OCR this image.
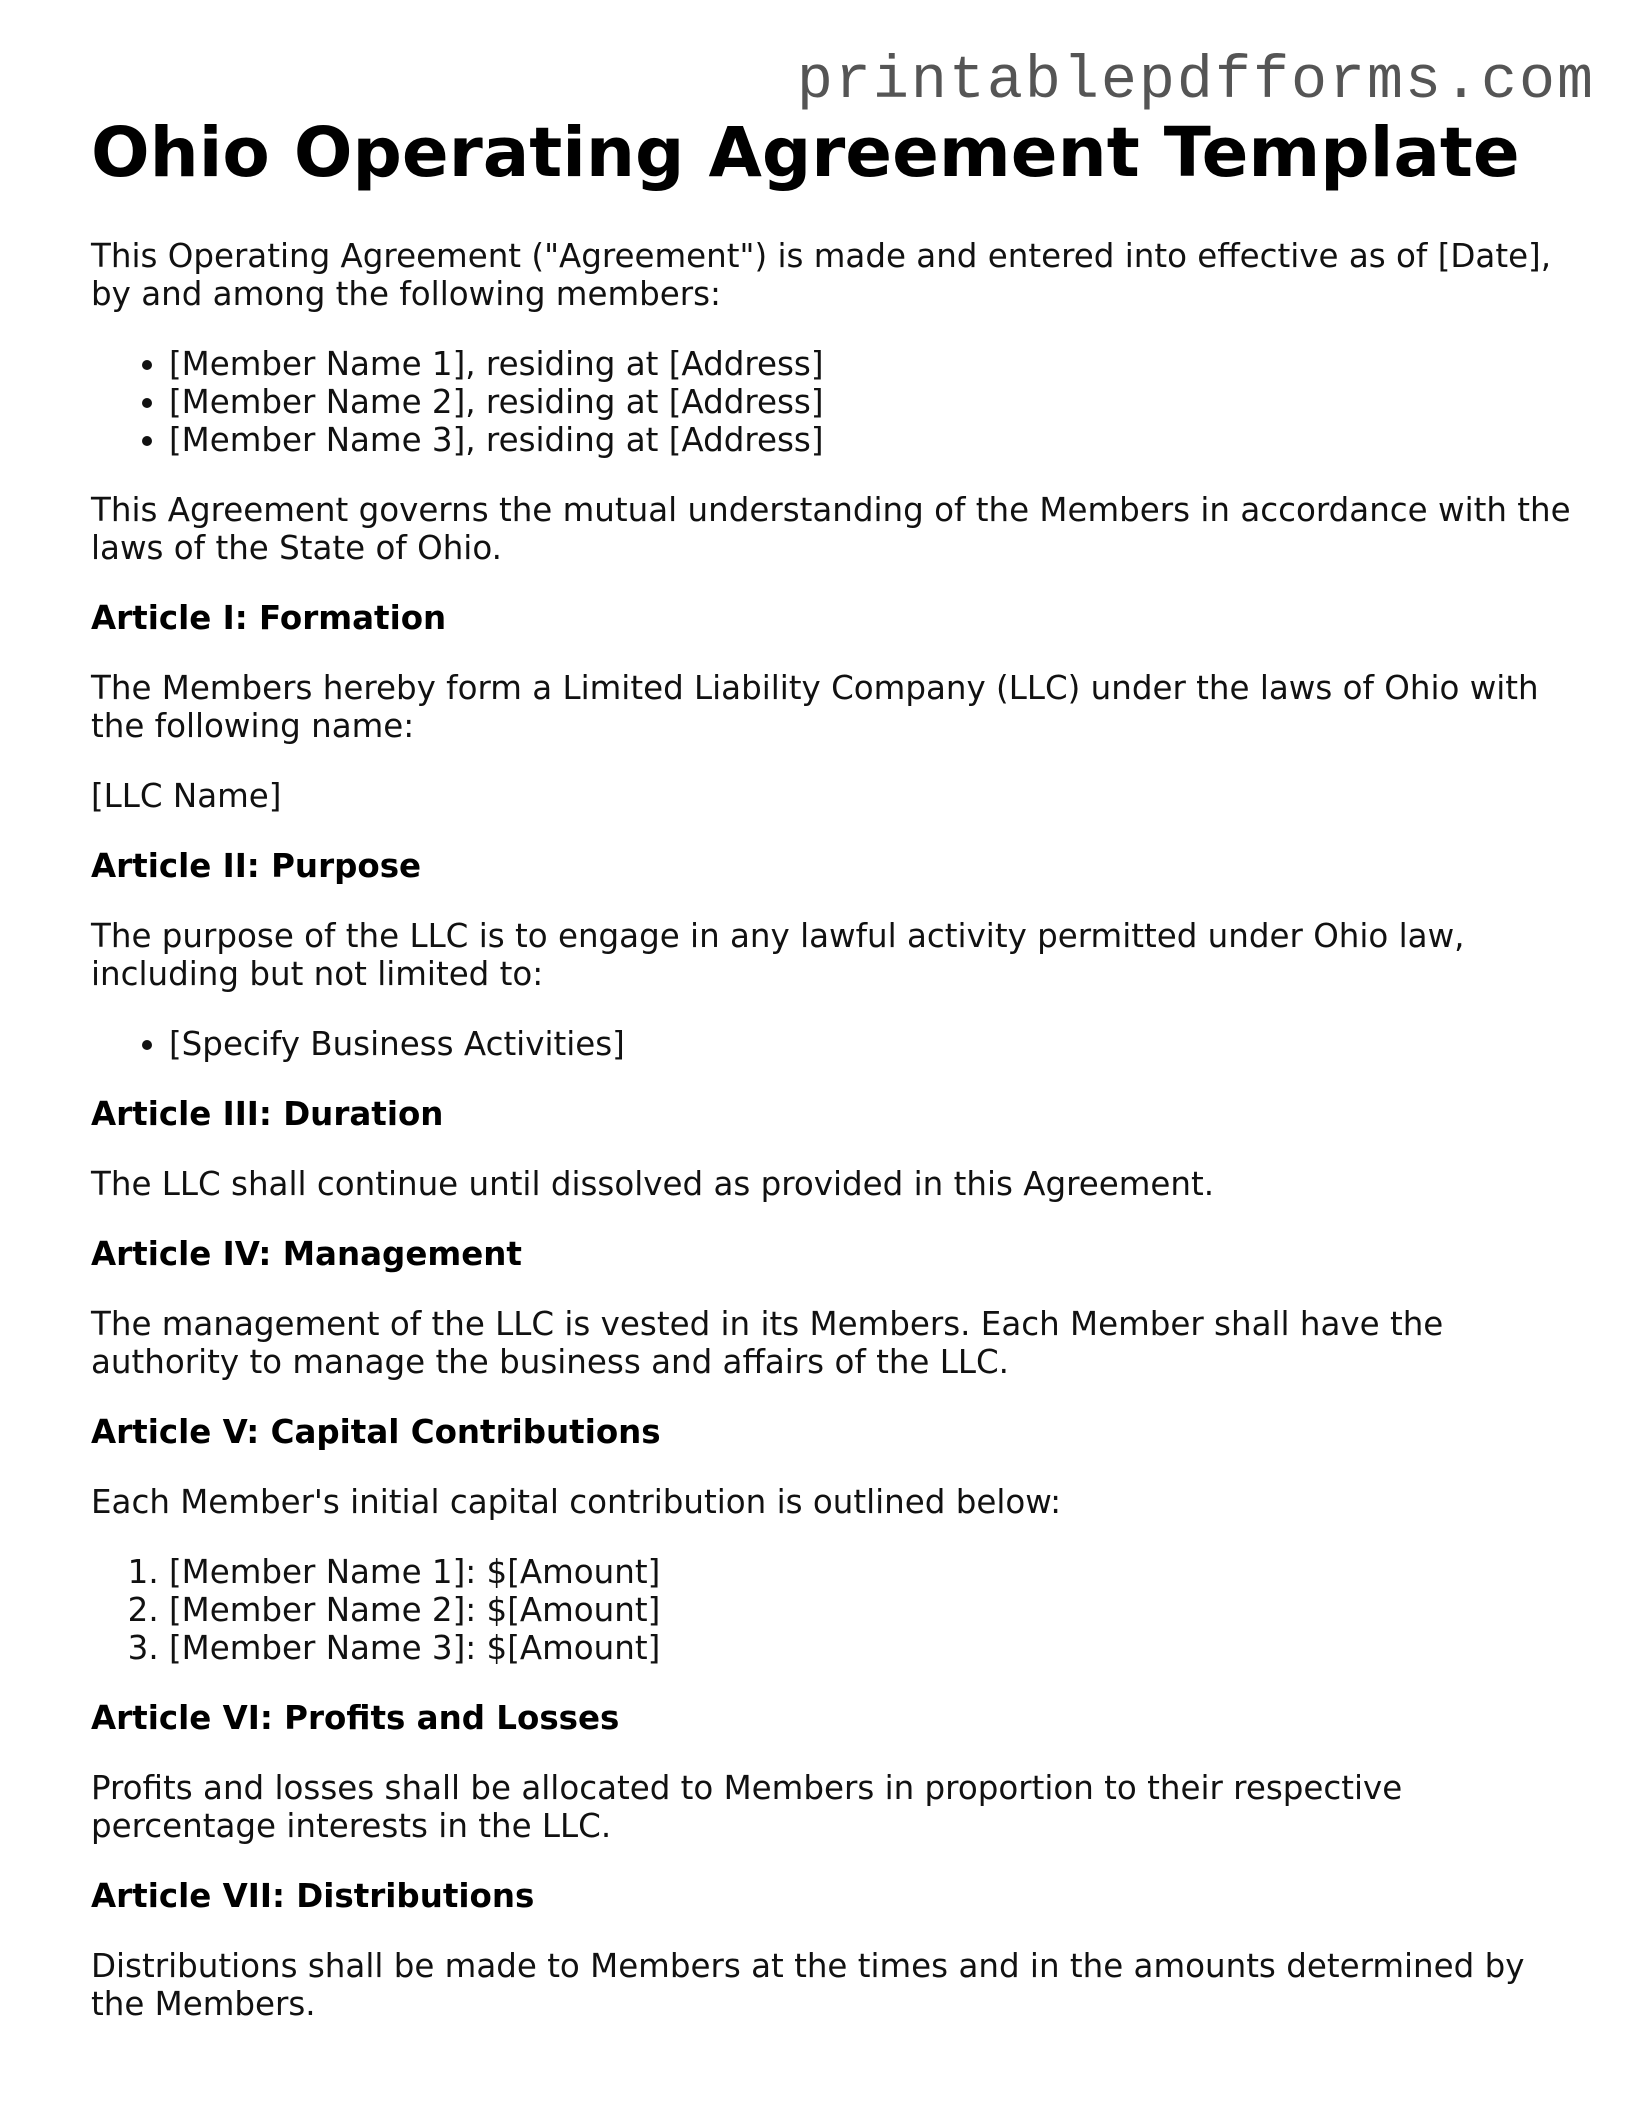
printablepdfforms.com
Ohio Operating Agreement Template

This Operating Agreement ("Agreement") is made and entered into effective as of [Date], by and among the following members:

• [Member Name 1], residing at [Address]
• [Member Name 2], residing at [Address]
• [Member Name 3], residing at [Address]

This Agreement governs the mutual understanding of the Members in accordance with the laws of the State of Ohio.

Article I: Formation

The Members hereby form a Limited Liability Company (LLC) under the laws of Ohio with the following name:

[LLC Name]

Article II: Purpose

The purpose of the LLC is to engage in any lawful activity permitted under Ohio law, including but not limited to:

• [Specify Business Activities]

Article III: Duration

The LLC shall continue until dissolved as provided in this Agreement.

Article IV: Management

The management of the LLC is vested in its Members. Each Member shall have the authority to manage the business and affairs of the LLC.

Article V: Capital Contributions

Each Member's initial capital contribution is outlined below:

1. [Member Name 1]: $[Amount]
2. [Member Name 2]: $[Amount]
3. [Member Name 3]: $[Amount]

Article VI: Profits and Losses

Profits and losses shall be allocated to Members in proportion to their respective percentage interests in the LLC.

Article VII: Distributions

Distributions shall be made to Members at the times and in the amounts determined by the Members.
